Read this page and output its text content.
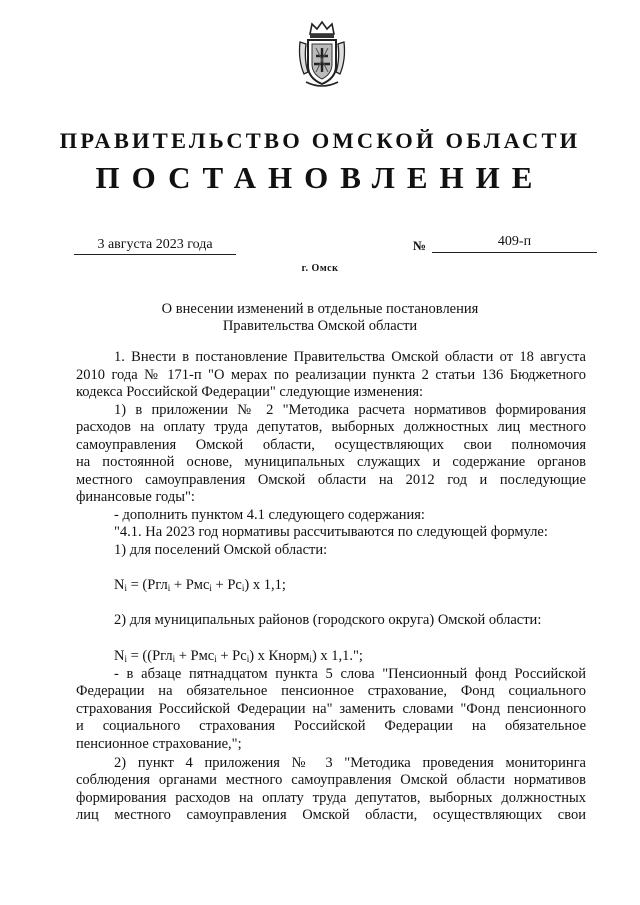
ПРАВИТЕЛЬСТВО ОМСКОЙ ОБЛАСТИ
ПОСТАНОВЛЕНИЕ
3 августа 2023 года	№	409-п
г. Омск
О внесении изменений в отдельные постановления
Правительства Омской области
1. Внести в постановление Правительства Омской области от 18 августа
2010 года № 171-п "О мерах по реализации пункта 2 статьи 136 Бюджетного
кодекса Российской Федерации" следующие изменения:
1) в приложении № 2 "Методика расчета нормативов формирования
расходов на оплату труда депутатов, выборных должностных лиц местного
самоуправления Омской области, осуществляющих свои полномочия
на постоянной основе, муниципальных служащих и содержание органов
местного самоуправления Омской области на 2012 год и последующие
финансовые годы":
- дополнить пунктом 4.1 следующего содержания:
"4.1. На 2023 год нормативы рассчитываются по следующей формуле:
1) для поселений Омской области:
$N_i = (Ргл_i + Рмс_i + Рс_i)$ х 1,1;
2) для муниципальных районов (городского округа) Омской области:
$N_i = ((Ргл_i + Рмс_i + Рс_i)$ х Кнорм$_i$) х 1,1.";
- в абзаце пятнадцатом пункта 5 слова "Пенсионный фонд Российской
Федерации на обязательное пенсионное страхование, Фонд социального
страхования Российской Федерации на" заменить словами "Фонд пенсионного
и социального страхования Российской Федерации на обязательное
пенсионное страхование,";
2) пункт 4 приложения № 3 "Методика проведения мониторинга
соблюдения органами местного самоуправления Омской области нормативов
формирования расходов на оплату труда депутатов, выборных должностных
лиц местного самоуправления Омской области, осуществляющих свои
